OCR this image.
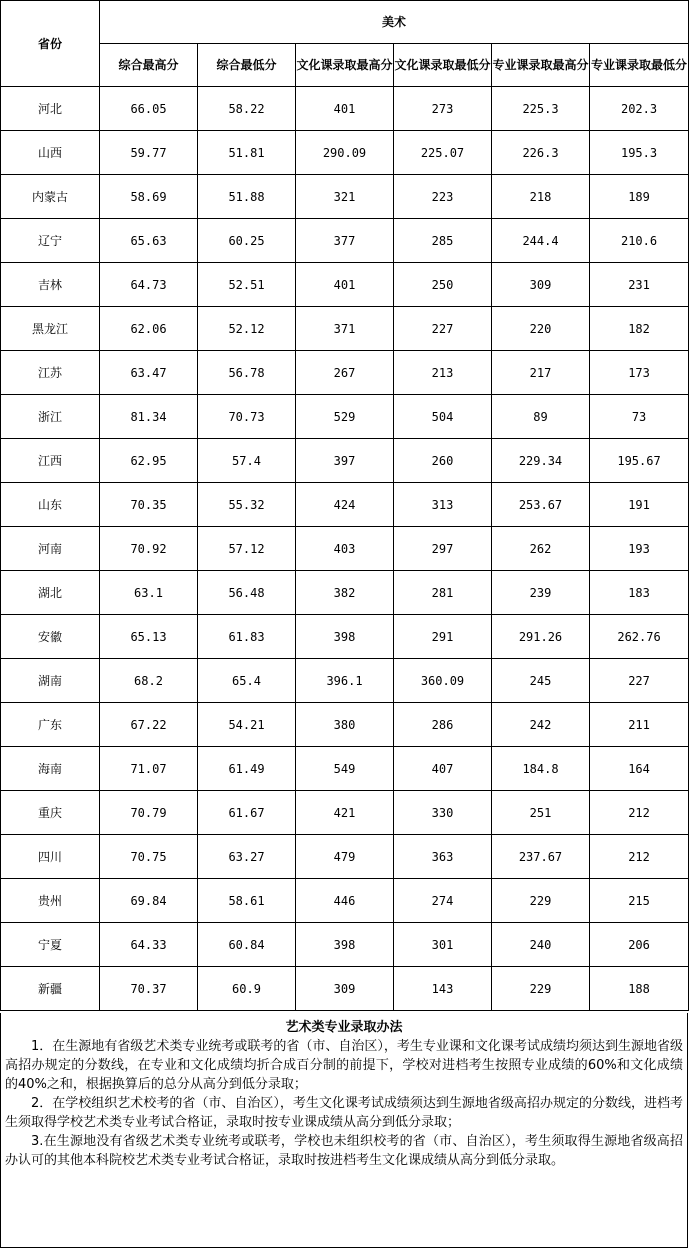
省份	美术					
	综合最高分	综合最低分	文化课录取最高分	文化课录取最低分	专业课录取最高分	专业课录取最低分
河北	66.05	58.22	401	273	225.3	202.3
山西	59.77	51.81	290.09	225.07	226.3	195.3
内蒙古	58.69	51.88	321	223	218	189
辽宁	65.63	60.25	377	285	244.4	210.6
吉林	64.73	52.51	401	250	309	231
黑龙江	62.06	52.12	371	227	220	182
江苏	63.47	56.78	267	213	217	173
浙江	81.34	70.73	529	504	89	73
江西	62.95	57.4	397	260	229.34	195.67
山东	70.35	55.32	424	313	253.67	191
河南	70.92	57.12	403	297	262	193
湖北	63.1	56.48	382	281	239	183
安徽	65.13	61.83	398	291	291.26	262.76
湖南	68.2	65.4	396.1	360.09	245	227
广东	67.22	54.21	380	286	242	211
海南	71.07	61.49	549	407	184.8	164
重庆	70.79	61.67	421	330	251	212
四川	70.75	63.27	479	363	237.67	212
贵州	69.84	58.61	446	274	229	215
宁夏	64.33	60.84	398	301	240	206
新疆	70.37	60.9	309	143	229	188
艺术类专业录取办法

1．在生源地有省级艺术类专业统考或联考的省（市、自治区），考生专业课和文化课考试成绩均须达到生源地省级高招办规定的分数线，在专业和文化成绩均折合成百分制的前提下，学校对进档考生按照专业成绩的60%和文化成绩的40%之和，根据换算后的总分从高分到低分录取；

2．在学校组织艺术校考的省（市、自治区），考生文化课考试成绩须达到生源地省级高招办规定的分数线，进档考生须取得学校艺术类专业考试合格证，录取时按专业课成绩从高分到低分录取；

3.在生源地没有省级艺术类专业统考或联考，学校也未组织校考的省（市、自治区），考生须取得生源地省级高招办认可的其他本科院校艺术类专业考试合格证，录取时按进档考生文化课成绩从高分到低分录取。
